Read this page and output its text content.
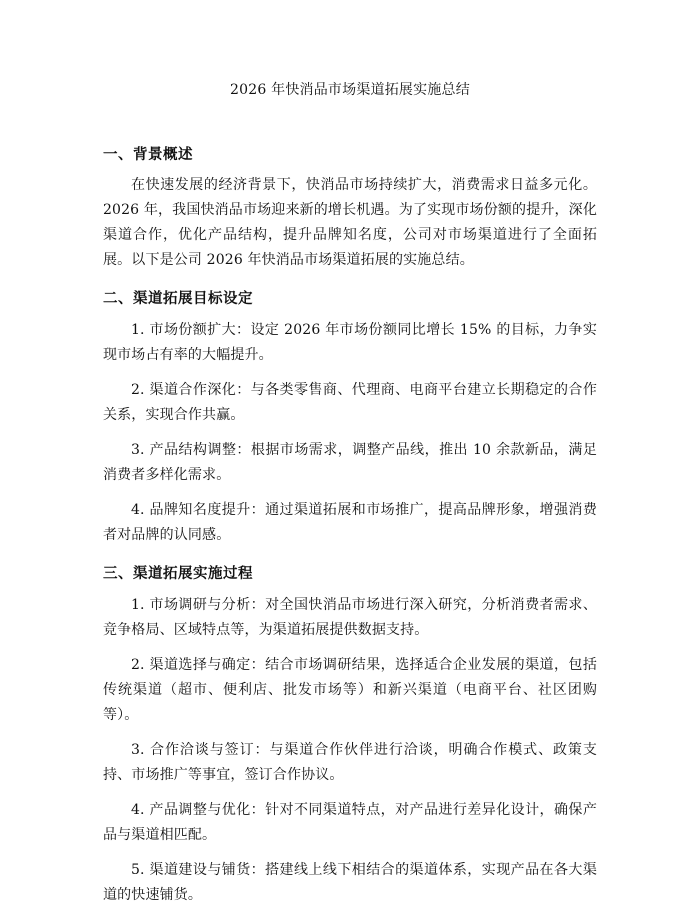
2026 年快消品市场渠道拓展实施总结
一、背景概述

在快速发展的经济背景下，快消品市场持续扩大，消费需求日益多元化。2026 年，我国快消品市场迎来新的增长机遇。为了实现市场份额的提升，深化渠道合作，优化产品结构，提升品牌知名度，公司对市场渠道进行了全面拓展。以下是公司 2026 年快消品市场渠道拓展的实施总结。

二、渠道拓展目标设定

1. 市场份额扩大：设定 2026 年市场份额同比增长 15% 的目标，力争实现市场占有率的大幅提升。

2. 渠道合作深化：与各类零售商、代理商、电商平台建立长期稳定的合作关系，实现合作共赢。

3. 产品结构调整：根据市场需求，调整产品线，推出 10 余款新品，满足消费者多样化需求。

4. 品牌知名度提升：通过渠道拓展和市场推广，提高品牌形象，增强消费者对品牌的认同感。

三、渠道拓展实施过程

1. 市场调研与分析：对全国快消品市场进行深入研究，分析消费者需求、竞争格局、区域特点等，为渠道拓展提供数据支持。

2. 渠道选择与确定：结合市场调研结果，选择适合企业发展的渠道，包括传统渠道（超市、便利店、批发市场等）和新兴渠道（电商平台、社区团购等）。

3. 合作洽谈与签订：与渠道合作伙伴进行洽谈，明确合作模式、政策支持、市场推广等事宜，签订合作协议。

4. 产品调整与优化：针对不同渠道特点，对产品进行差异化设计，确保产品与渠道相匹配。

5. 渠道建设与铺货：搭建线上线下相结合的渠道体系，实现产品在各大渠道的快速铺货。
